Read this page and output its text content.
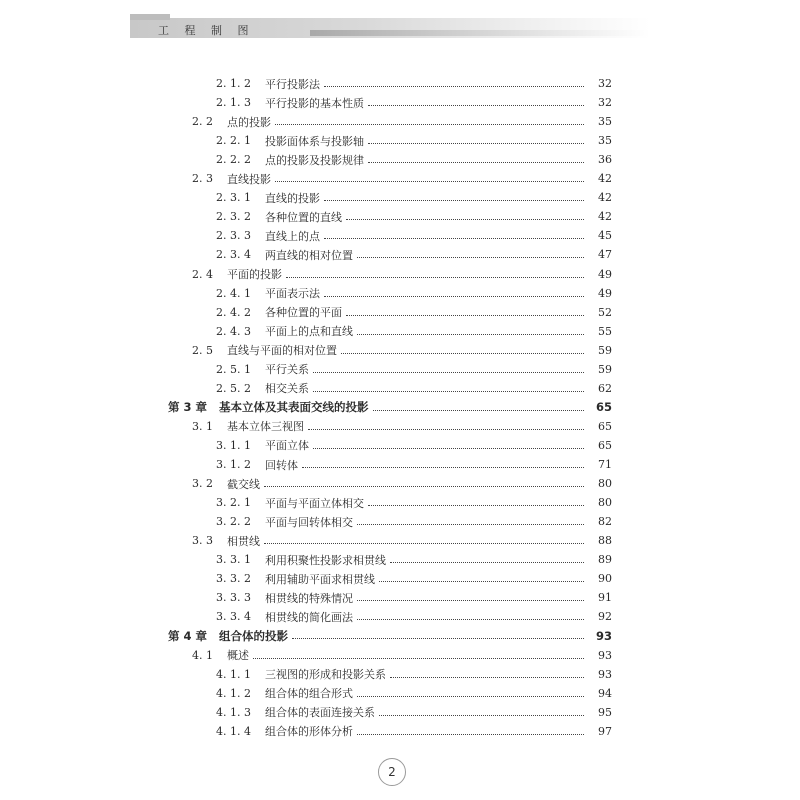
工 程 制 图
2. 1. 2 平行投影法	32
2. 1. 3 平行投影的基本性质	32
2. 2 点的投影	35
2. 2. 1 投影面体系与投影轴	35
2. 2. 2 点的投影及投影规律	36
2. 3 直线投影	42
2. 3. 1 直线的投影	42
2. 3. 2 各种位置的直线	42
2. 3. 3 直线上的点	45
2. 3. 4 两直线的相对位置	47
2. 4 平面的投影	49
2. 4. 1 平面表示法	49
2. 4. 2 各种位置的平面	52
2. 4. 3 平面上的点和直线	55
2. 5 直线与平面的相对位置	59
2. 5. 1 平行关系	59
2. 5. 2 相交关系	62
第 3 章 基本立体及其表面交线的投影	65
3. 1 基本立体三视图	65
3. 1. 1 平面立体	65
3. 1. 2 回转体	71
3. 2 截交线	80
3. 2. 1 平面与平面立体相交	80
3. 2. 2 平面与回转体相交	82
3. 3 相贯线	88
3. 3. 1 利用积聚性投影求相贯线	89
3. 3. 2 利用辅助平面求相贯线	90
3. 3. 3 相贯线的特殊情况	91
3. 3. 4 相贯线的简化画法	92
第 4 章 组合体的投影	93
4. 1 概述	93
4. 1. 1 三视图的形成和投影关系	93
4. 1. 2 组合体的组合形式	94
4. 1. 3 组合体的表面连接关系	95
4. 1. 4 组合体的形体分析	97
2
